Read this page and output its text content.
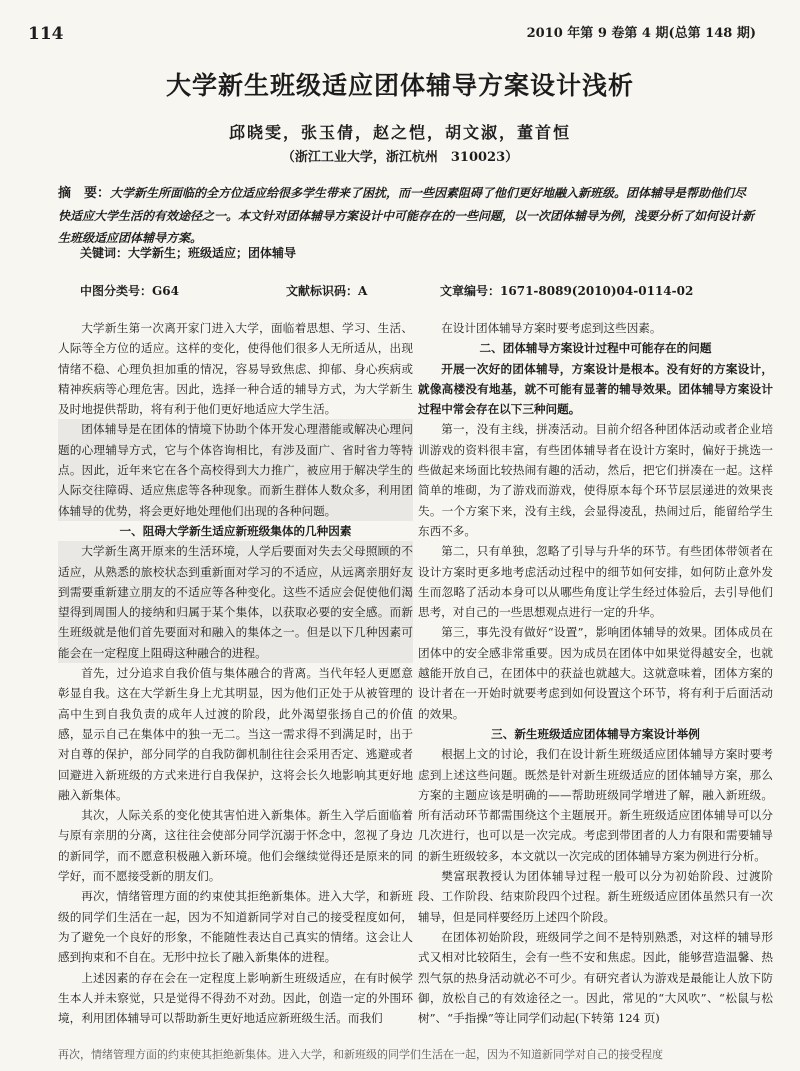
114	2010 年第 9 卷第 4 期(总第 148 期)
大学新生班级适应团体辅导方案设计浅析
邱晓雯，张玉倩，赵之恺，胡文淑，董首恒
（浙江工业大学，浙江杭州　310023）
摘　要：大学新生所面临的全方位适应给很多学生带来了困扰，而一些因素阻碍了他们更好地融入新班级。团体辅导是帮助他们尽快适应大学生活的有效途径之一。本文针对团体辅导方案设计中可能存在的一些问题，以一次团体辅导为例，浅要分析了如何设计新生班级适应团体辅导方案。
关键词：大学新生；班级适应；团体辅导
中图分类号：G64	文献标识码：A	文章编号：1671-8089(2010)04-0114-02

大学新生第一次离开家门进入大学，面临着思想、学习、生活、人际等全方位的适应。这样的变化，使得他们很多人无所适从，出现情绪不稳、心理负担加重的情况，容易导致焦虑、抑郁、身心疾病或精神疾病等心理危害。因此，选择一种合适的辅导方式，为大学新生及时地提供帮助，将有利于他们更好地适应大学生活。

团体辅导是在团体的情境下协助个体开发心理潜能或解决心理问题的心理辅导方式，它与个体咨询相比，有涉及面广、省时省力等特点。因此，近年来它在各个高校得到大力推广，被应用于解决学生的人际交往障碍、适应焦虑等各种现象。而新生群体人数众多，利用团体辅导的优势，将会更好地处理他们出现的各种问题。

一、阻碍大学新生适应新班级集体的几种因素

大学新生离开原来的生活环境，人学后要面对失去父母照顾的不适应，从熟悉的旅校状态到重新面对学习的不适应，从远离亲朋好友到需要重新建立朋友的不适应等各种变化。这些不适应会促使他们渴望得到周围人的接纳和归属于某个集体，以获取必要的安全感。而新生班级就是他们首先要面对和融入的集体之一。但是以下几种因素可能会在一定程度上阻碍这种融合的进程。

首先，过分追求自我价值与集体融合的背离。当代年轻人更愿意彰显自我。这在大学新生身上尤其明显，因为他们正处于从被管理的高中生到自我负责的成年人过渡的阶段，此外渴望张扬自己的价值感，显示自己在集体中的独一无二。当这一需求得不到满足时，出于对自尊的保护，部分同学的自我防御机制往往会采用否定、逃避或者回避进入新班级的方式来进行自我保护，这将会长久地影响其更好地融入新集体。

其次，人际关系的变化使其害怕进入新集体。新生入学后面临着与原有亲朋的分离，这往往会使部分同学沉溺于怀念中，忽视了身边的新同学，而不愿意积极融入新环境。他们会继续觉得还是原来的同学好，而不愿接受新的朋友们。

再次，情绪管理方面的约束使其拒绝新集体。进入大学，和新班级的同学们生活在一起，因为不知道新同学对自己的接受程度如何，为了避免一个良好的形象，不能随性表达自己真实的情绪。这会让人感到拘束和不自在。无形中拉长了融入新集体的进程。

上述因素的存在会在一定程度上影响新生班级适应，在有时候学生本人并未察觉，只是觉得不得劲不对劲。因此，创造一定的外围环境，利用团体辅导可以帮助新生更好地适应新班级生活。而我们

在设计团体辅导方案时要考虑到这些因素。

二、团体辅导方案设计过程中可能存在的问题

开展一次好的团体辅导，方案设计是根本。没有好的方案设计，就像高楼没有地基，就不可能有显著的辅导效果。团体辅导方案设计过程中常会存在以下三种问题。

第一，没有主线，拼凑活动。目前介绍各种团体活动或者企业培训游戏的资料很丰富，有些团体辅导者在设计方案时，偏好于挑选一些做起来场面比较热闹有趣的活动，然后，把它们拼凑在一起。这样简单的堆砌，为了游戏而游戏，使得原本每个环节层层递进的效果丧失。一个方案下来，没有主线，会显得凌乱，热闹过后，能留给学生东西不多。

第二，只有单独，忽略了引导与升华的环节。有些团体带领者在设计方案时更多地考虑活动过程中的细节如何安排，如何防止意外发生而忽略了活动本身可以从哪些角度让学生经过体验后，去引导他们思考，对自己的一些思想观点进行一定的升华。

第三，事先没有做好“设置”，影响团体辅导的效果。团体成员在团体中的安全感非常重要。因为成员在团体中如果觉得越安全，也就越能开放自己，在团体中的获益也就越大。这就意味着，团体方案的设计者在一开始时就要考虑到如何设置这个环节，将有利于后面活动的效果。

三、新生班级适应团体辅导方案设计举例

根据上文的讨论，我们在设计新生班级适应团体辅导方案时要考虑到上述这些问题。既然是针对新生班级适应的团体辅导方案，那么方案的主题应该是明确的——帮助班级同学增进了解，融入新班级。所有活动环节都需围绕这个主题展开。新生班级适应团体辅导可以分几次进行，也可以是一次完成。考虑到带团者的人力有限和需要辅导的新生班级较多，本文就以一次完成的团体辅导方案为例进行分析。

樊富珉教授认为团体辅导过程一般可以分为初始阶段、过渡阶段、工作阶段、结束阶段四个过程。新生班级适应团体虽然只有一次辅导，但是同样要经历上述四个阶段。

在团体初始阶段，班级同学之间不是特别熟悉，对这样的辅导形式又相对比较陌生，会有一些不安和焦虑。因此，能够营造温馨、热烈气氛的热身活动就必不可少。有研究者认为游戏是最能让人放下防御，放松自己的有效途径之一。因此，常见的“大风吹”、“松鼠与松树”、“手指操”等让同学们动起(下转第 124 页)

再次，情绪管理方面的约束使其拒绝新集体。进入大学，和新班级的同学们生活在一起，因为不知道新同学对自己的接受程度
